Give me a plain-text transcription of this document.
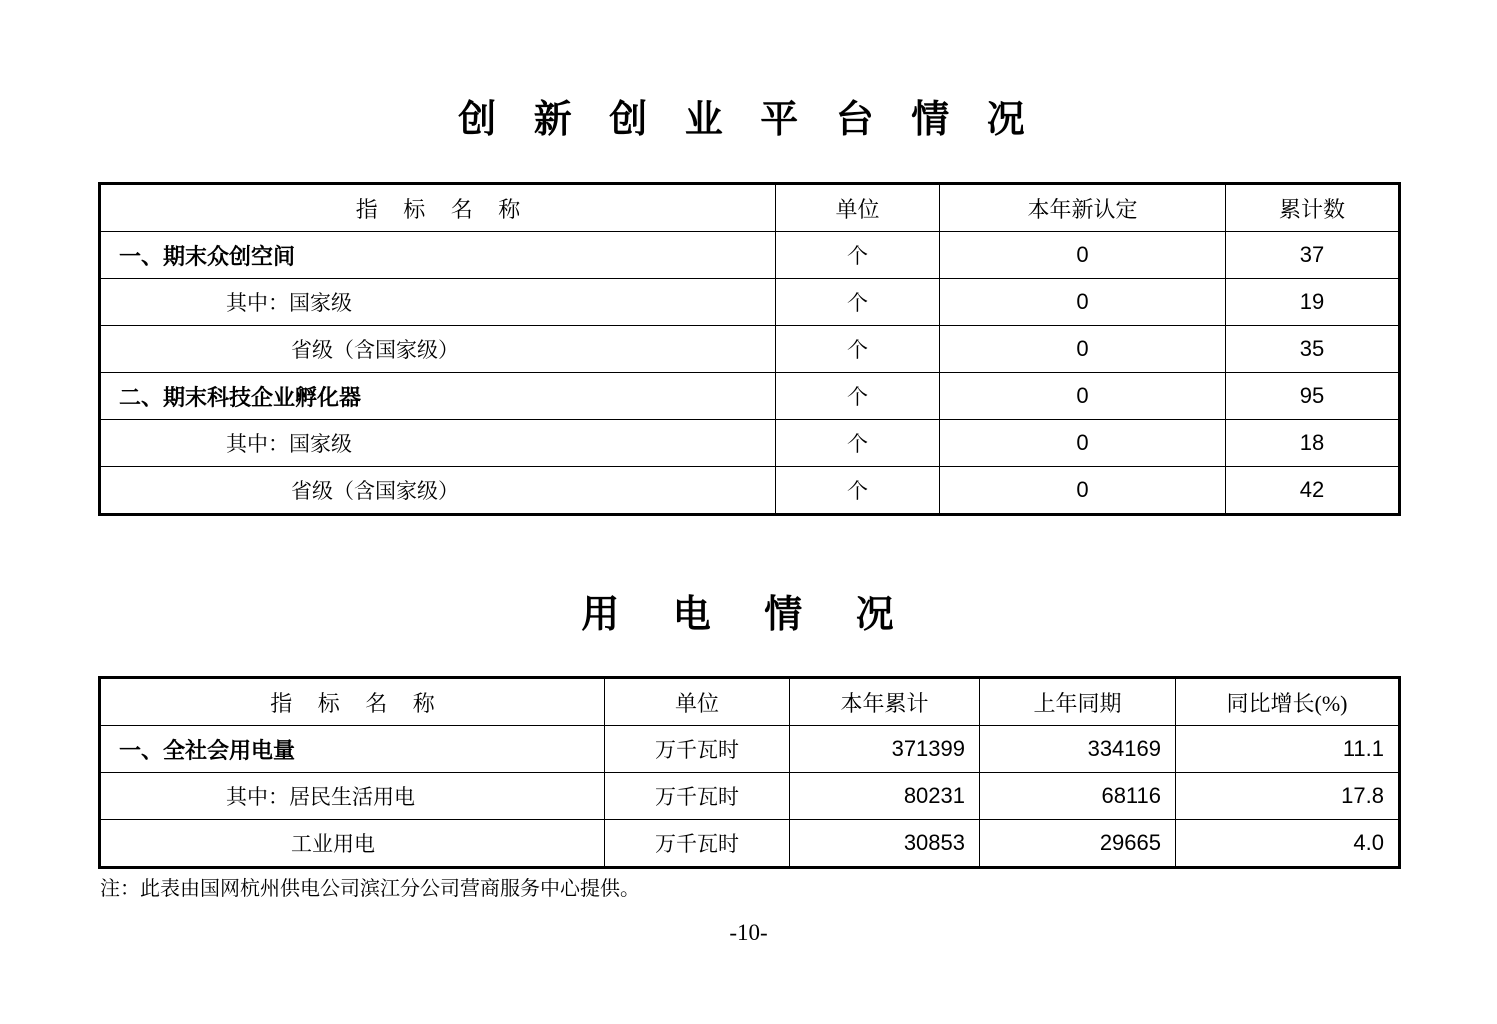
创 新 创 业 平 台 情 况
指 标 名 称	单位	本年新认定	累计数
一、期末众创空间	个	0	37
其中：国家级	个	0	19
省级（含国家级）	个	0	35
二、期末科技企业孵化器	个	0	95
其中：国家级	个	0	18
省级（含国家级）	个	0	42
用 电 情 况
指 标 名 称	单位	本年累计	上年同期	同比增长(%)
一、全社会用电量	万千瓦时	371399	334169	11.1
其中：居民生活用电	万千瓦时	80231	68116	17.8
工业用电	万千瓦时	30853	29665	4.0
注：此表由国网杭州供电公司滨江分公司营商服务中心提供。
-10-
